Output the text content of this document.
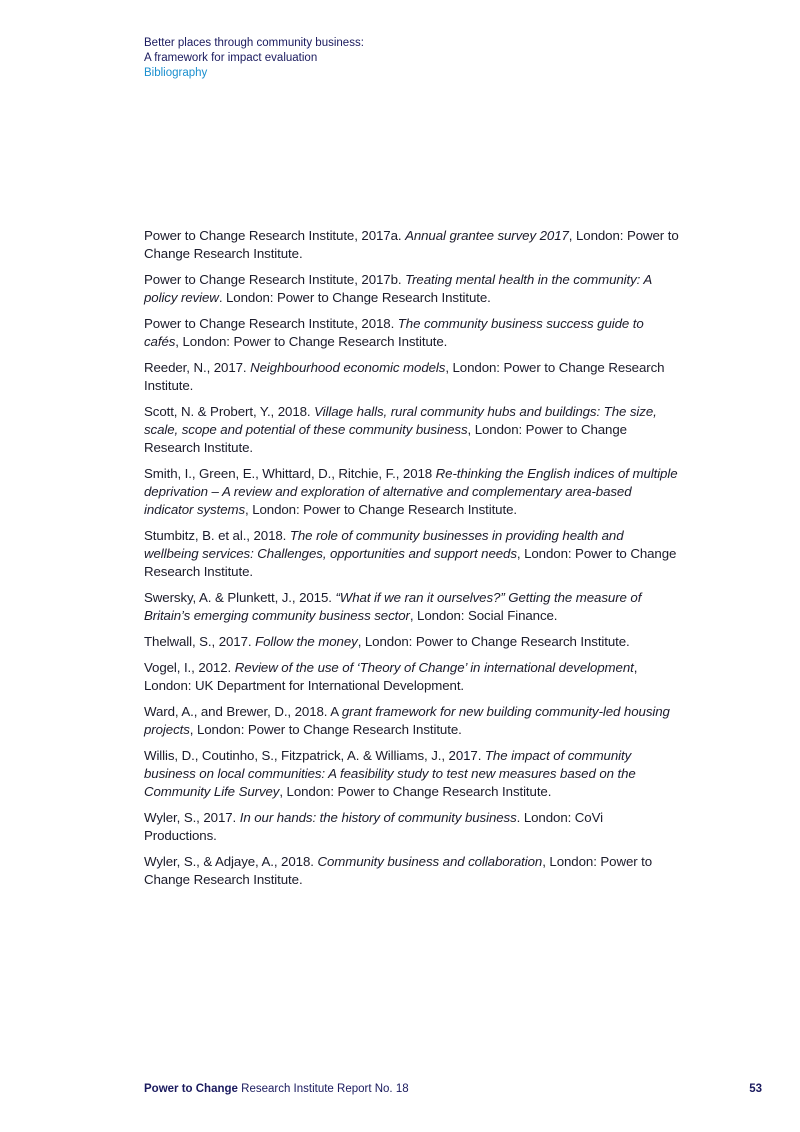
Better places through community business:
A framework for impact evaluation
Bibliography

Power to Change Research Institute, 2017a. Annual grantee survey 2017, London: Power to Change Research Institute.

Power to Change Research Institute, 2017b. Treating mental health in the community: A policy review. London: Power to Change Research Institute.

Power to Change Research Institute, 2018. The community business success guide to cafés, London: Power to Change Research Institute.

Reeder, N., 2017. Neighbourhood economic models, London: Power to Change Research Institute.

Scott, N. & Probert, Y., 2018. Village halls, rural community hubs and buildings: The size, scale, scope and potential of these community business, London: Power to Change Research Institute.

Smith, I., Green, E., Whittard, D., Ritchie, F., 2018 Re-thinking the English indices of multiple deprivation – A review and exploration of alternative and complementary area-based indicator systems, London: Power to Change Research Institute.

Stumbitz, B. et al., 2018. The role of community businesses in providing health and wellbeing services: Challenges, opportunities and support needs, London: Power to Change Research Institute.

Swersky, A. & Plunkett, J., 2015. “What if we ran it ourselves?” Getting the measure of Britain’s emerging community business sector, London: Social Finance.

Thelwall, S., 2017. Follow the money, London: Power to Change Research Institute.

Vogel, I., 2012. Review of the use of ‘Theory of Change’ in international development, London: UK Department for International Development.

Ward, A., and Brewer, D., 2018. A grant framework for new building community-led housing projects, London: Power to Change Research Institute.

Willis, D., Coutinho, S., Fitzpatrick, A. & Williams, J., 2017. The impact of community business on local communities: A feasibility study to test new measures based on the Community Life Survey, London: Power to Change Research Institute.

Wyler, S., 2017. In our hands: the history of community business. London: CoVi Productions.

Wyler, S., & Adjaye, A., 2018. Community business and collaboration, London: Power to Change Research Institute.

Power to Change Research Institute Report No. 18	53
